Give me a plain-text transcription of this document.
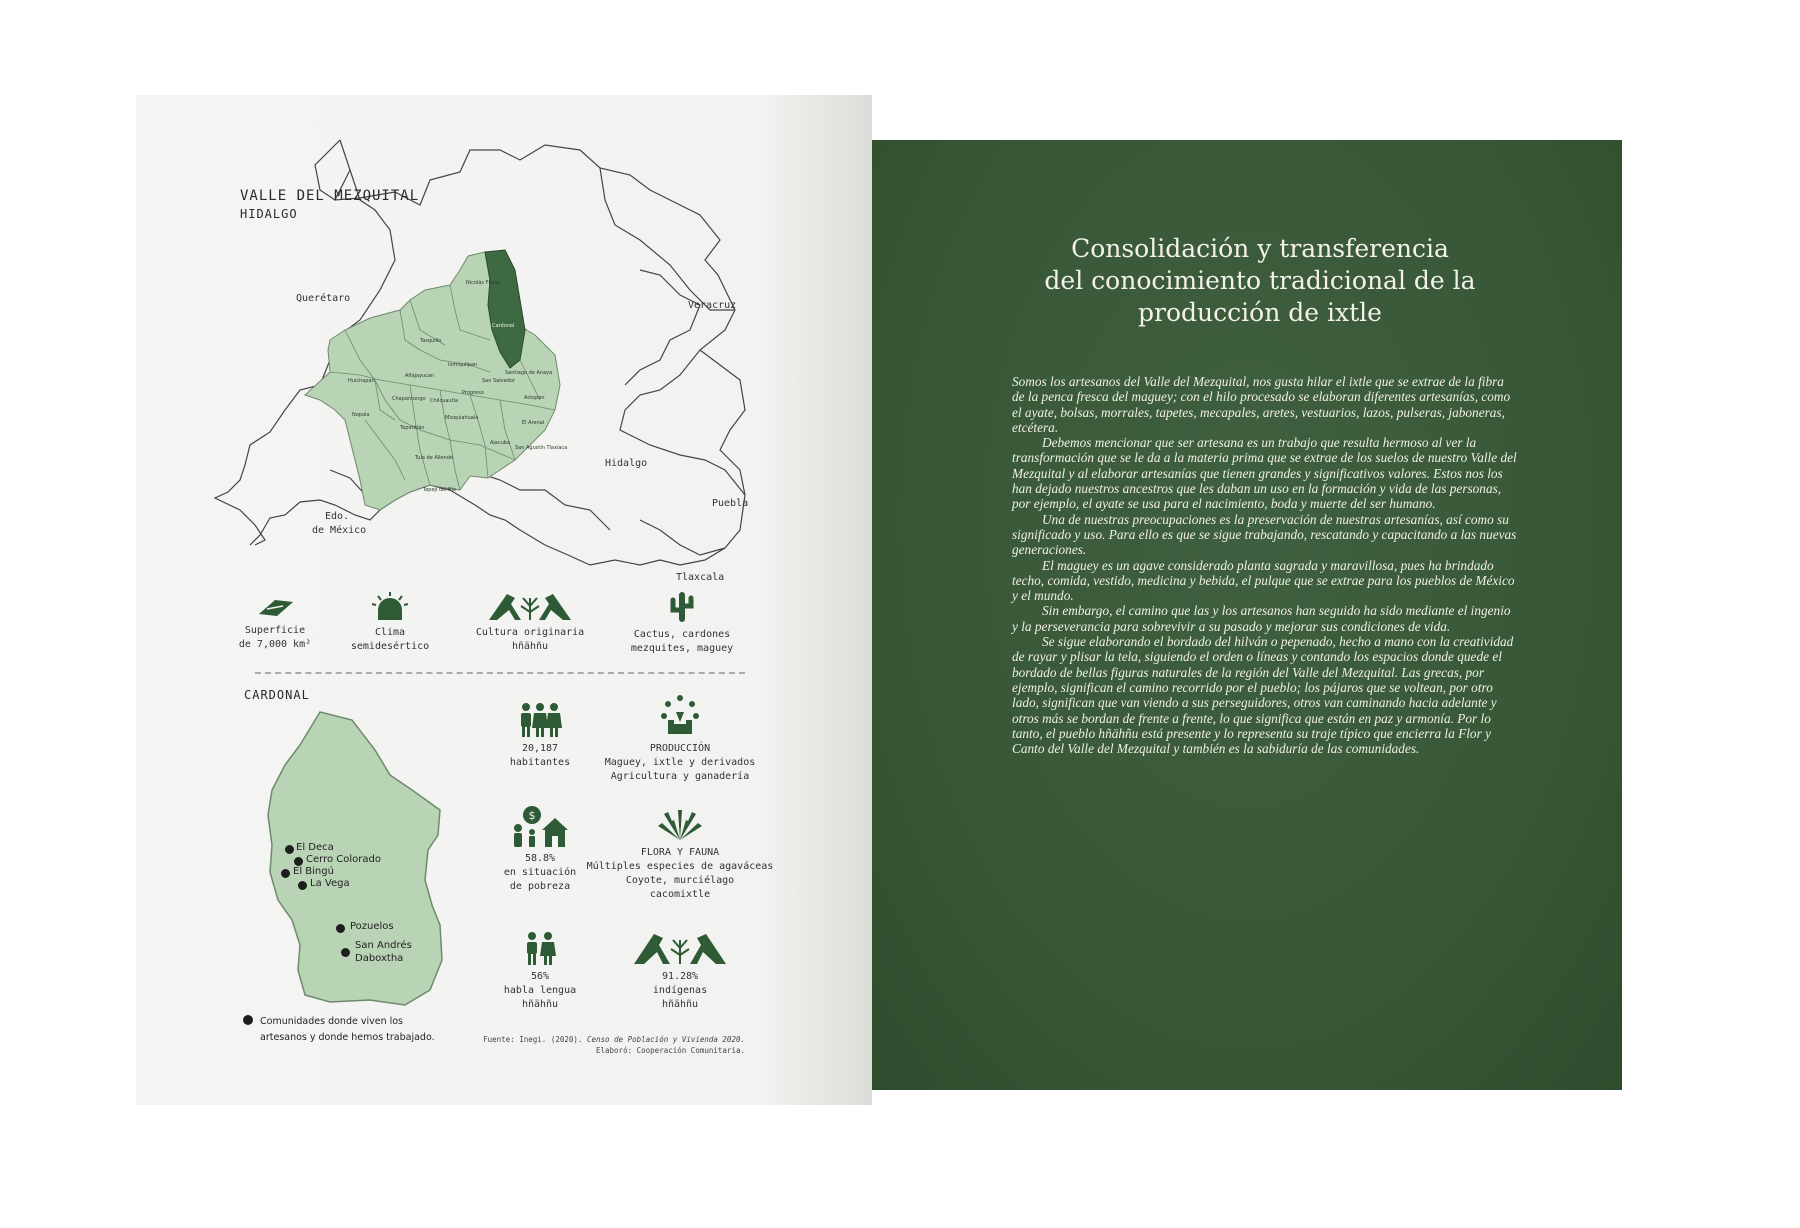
VALLE DEL MEZQUITAL
HIDALGO
Querétaro
Veracruz
Hidalgo
Edo.
de México
Puebla
Tlaxcala
Nicolás Flores
Cardonal
Tasquillo
Alfajayucan
Ixmiquilpan
Huichapan
Chapantongo
Santiago de Anaya
Chilcuautla
Progreso
San Salvador
Actopan
Nopala	Mixquiahuala
El Arenal
Tepetitlán
Tula de Allende
Ajacuba
San Agustín Tlaxiaca
Tepeji del Río
Superficie
de 7,000 km²
Clima
semidesértico
Cultura originaria
hñähñu
Cactus, cardones
mezquites, maguey
CARDONAL
El Deca
Cerro Colorado
El Bingú
La Vega
Pozuelos
San Andrés
Daboxtha
Comunidades donde viven los
artesanos y donde hemos trabajado.
20,187
habitantes
PRODUCCIÓN
Maguey, ixtle y derivados
Agricultura y ganadería
$
58.8%
en situación
de pobreza
FLORA Y FAUNA
Múltiples especies de agaváceas
Coyote, murciélago
cacomixtle
56%
habla lengua
hñähñu
91.28%
indígenas
hñähñu
Fuente: Inegi. (2020). Censo de Población y Vivienda 2020.
Elaboró: Cooperación Comunitaria.
Consolidación y transferencia
del conocimiento tradicional de la
producción de ixtle

Somos los artesanos del Valle del Mezquital, nos gusta hilar el ixtle que se extrae de la fibra de la penca fresca del maguey; con el hilo procesado se elaboran diferentes artesanías, como el ayate, bolsas, morrales, tapetes, mecapales, aretes, vestuarios, lazos, pulseras, jaboneras, etcétera.

Debemos mencionar que ser artesana es un trabajo que resulta hermoso al ver la transformación que se le da a la materia prima que se extrae de los suelos de nuestro Valle del Mezquital y al elaborar artesanías que tienen grandes y significativos valores. Estos nos los han dejado nuestros ancestros que les daban un uso en la formación y vida de las personas, por ejemplo, el ayate se usa para el nacimiento, boda y muerte del ser humano.

Una de nuestras preocupaciones es la preservación de nuestras artesanías, así como su significado y uso. Para ello es que se sigue trabajando, rescatando y capacitando a las nuevas generaciones.

El maguey es un agave considerado planta sagrada y maravillosa, pues ha brindado techo, comida, vestido, medicina y bebida, el pulque que se extrae para los pueblos de México y el mundo.

Sin embargo, el camino que las y los artesanos han seguido ha sido mediante el ingenio y la perseverancia para sobrevivir a su pasado y mejorar sus condiciones de vida.

Se sigue elaborando el bordado del hilván o pepenado, hecho a mano con la creatividad de rayar y plisar la tela, siguiendo el orden o líneas y contando los espacios donde quede el bordado de bellas figuras naturales de la región del Valle del Mezquital. Las grecas, por ejemplo, significan el camino recorrido por el pueblo; los pájaros que se voltean, por otro lado, significan que van viendo a sus perseguidores, otros van caminando hacia adelante y otros más se bordan de frente a frente, lo que significa que están en paz y armonía. Por lo tanto, el pueblo hñähñu está presente y lo representa su traje típico que encierra la Flor y Canto del Valle del Mezquital y también es la sabiduría de las comunidades.
